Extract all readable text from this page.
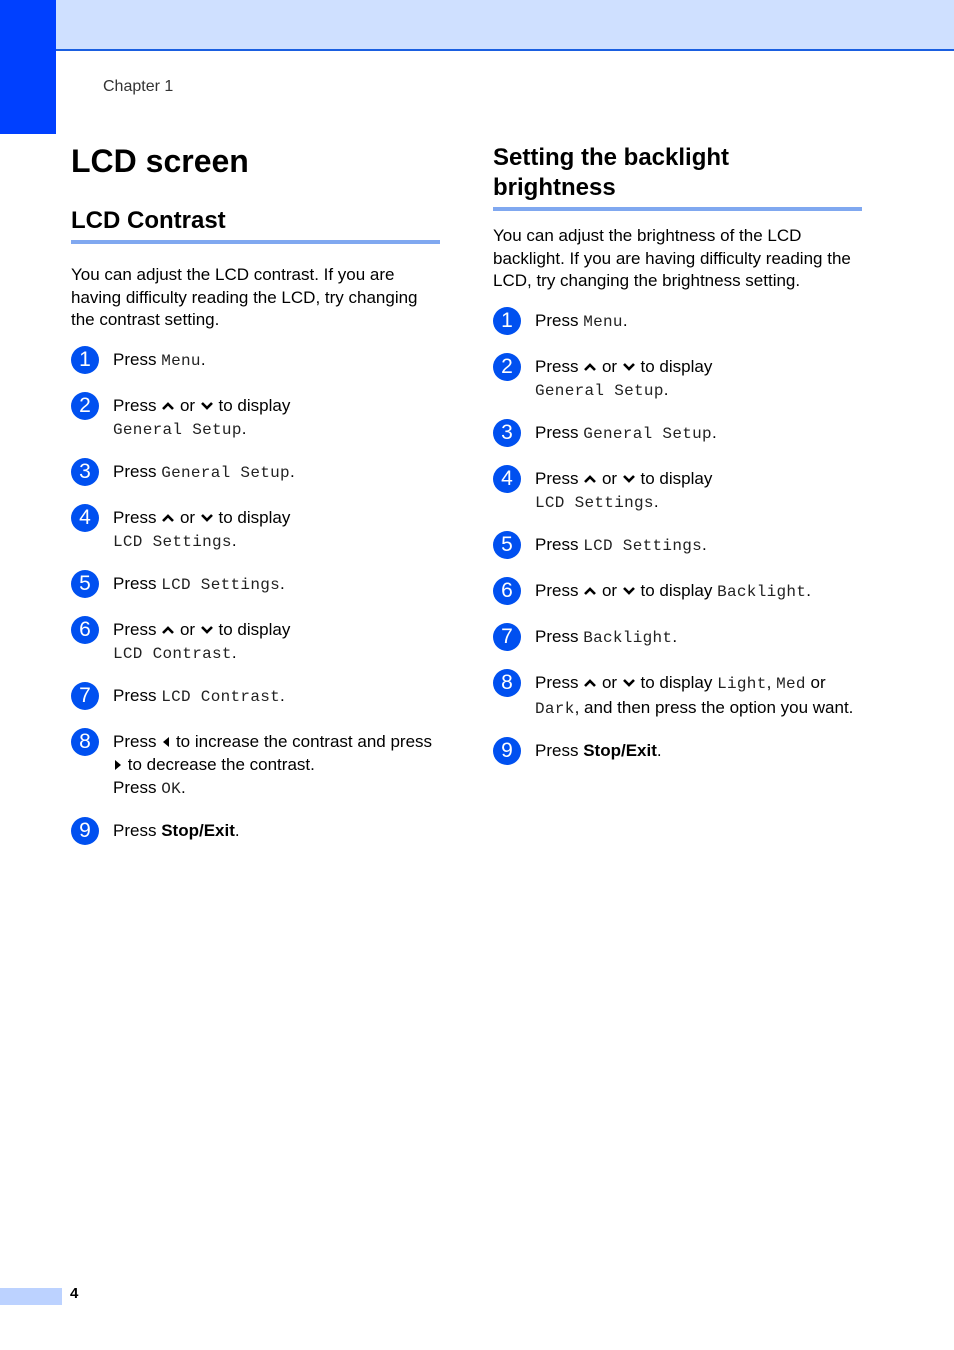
Chapter 1
LCD screen
LCD Contrast

You can adjust the LCD contrast. If you are having difficulty reading the LCD, try changing the contrast setting.

1	Press Menu.
2	Press or to display
General Setup.
3	Press General Setup.
4	Press or to display
LCD Settings.
5	Press LCD Settings.
6	Press or to display
LCD Contrast.
7	Press LCD Contrast.
8	Press to increase the contrast and press  to decrease the contrast.
Press OK.
9	Press Stop/Exit.
Setting the backlight
brightness

You can adjust the brightness of the LCD backlight. If you are having difficulty reading the LCD, try changing the brightness setting.

1	Press Menu.
2	Press or to display
General Setup.
3	Press General Setup.
4	Press or to display
LCD Settings.
5	Press LCD Settings.
6	Press or to display Backlight.
7	Press Backlight.
8	Press or to display Light, Med or
Dark, and then press the option you want.
9	Press Stop/Exit.
4
